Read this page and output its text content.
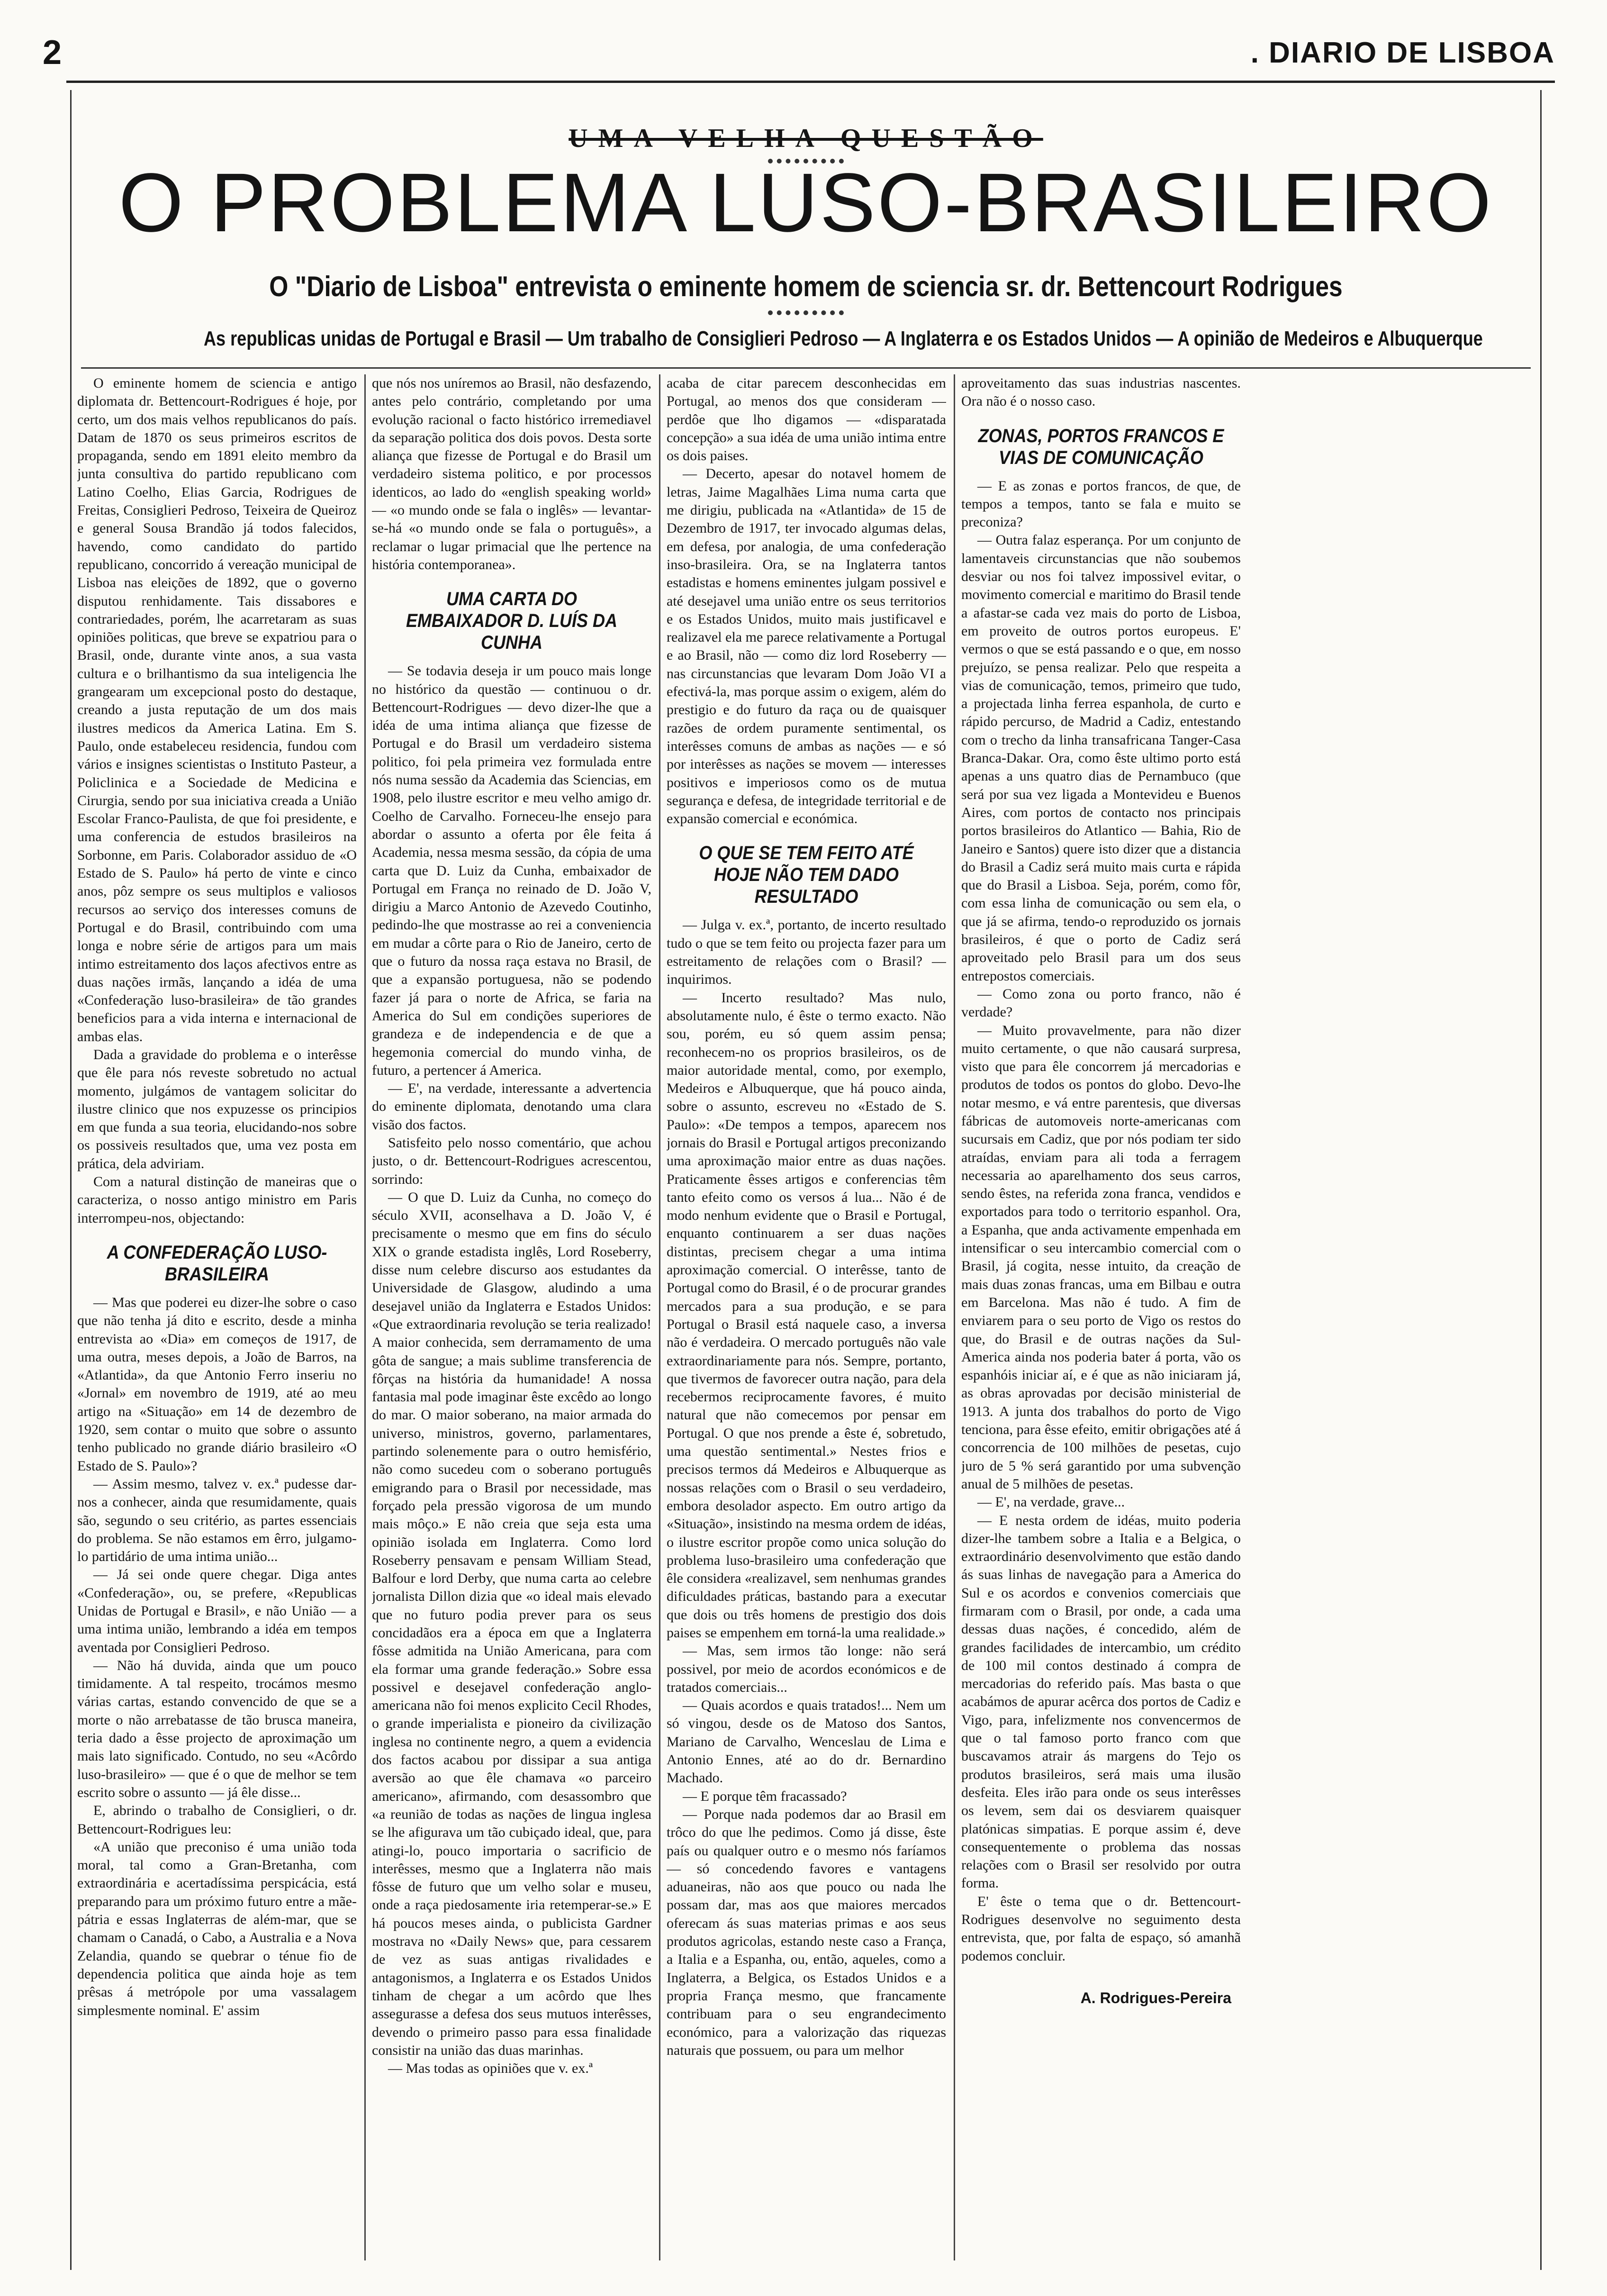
2	. DIARIO DE LISBOA
UMA VELHA QUESTÃO
O PROBLEMA LUSO-BRASILEIRO
O "Diario de Lisboa" entrevista o eminente homem de sciencia sr. dr. Bettencourt Rodrigues
As republicas unidas de Portugal e Brasil — Um trabalho de Consiglieri Pedroso — A Inglaterra e os Estados Unidos — A opinião de Medeiros e Albuquerque

O eminente homem de sciencia e antigo diplomata dr. Bettencourt-Rodrigues é hoje, por certo, um dos mais velhos republicanos do país. Datam de 1870 os seus primeiros escritos de propaganda, sendo em 1891 eleito membro da junta consultiva do partido republicano com Latino Coelho, Elias Garcia, Rodrigues de Freitas, Consiglieri Pedroso, Teixeira de Queiroz e general Sousa Brandão já todos falecidos, havendo, como candidato do partido republicano, concorrido á vereação municipal de Lisboa nas eleições de 1892, que o governo disputou renhidamente. Tais dissabores e contrariedades, porém, lhe acarretaram as suas opiniões politicas, que breve se expatriou para o Brasil, onde, durante vinte anos, a sua vasta cultura e o brilhantismo da sua inteligencia lhe grangearam um excepcional posto do destaque, creando a justa reputação de um dos mais ilustres medicos da America Latina. Em S. Paulo, onde estabeleceu residencia, fundou com vários e insignes scientistas o Instituto Pasteur, a Policlinica e a Sociedade de Medicina e Cirurgia, sendo por sua iniciativa creada a União Escolar Franco-Paulista, de que foi presidente, e uma conferencia de estudos brasileiros na Sorbonne, em Paris. Colaborador assiduo de «O Estado de S. Paulo» há perto de vinte e cinco anos, pôz sempre os seus multiplos e valiosos recursos ao serviço dos interesses comuns de Portugal e do Brasil, contribuindo com uma longa e nobre série de artigos para um mais intimo estreitamento dos laços afectivos entre as duas nações irmãs, lançando a idéa de uma «Confederação luso-brasileira» de tão grandes beneficios para a vida interna e internacional de ambas elas.

Dada a gravidade do problema e o interêsse que êle para nós reveste sobretudo no actual momento, julgámos de vantagem solicitar do ilustre clinico que nos expuzesse os principios em que funda a sua teoria, elucidando-nos sobre os possiveis resultados que, uma vez posta em prática, dela adviriam.

Com a natural distinção de maneiras que o caracteriza, o nosso antigo ministro em Paris interrompeu-nos, objectando:

A CONFEDERAÇÃO LUSO-BRASILEIRA

— Mas que poderei eu dizer-lhe sobre o caso que não tenha já dito e escrito, desde a minha entrevista ao «Dia» em começos de 1917, de uma outra, meses depois, a João de Barros, na «Atlantida», da que Antonio Ferro inseriu no «Jornal» em novembro de 1919, até ao meu artigo na «Situação» em 14 de dezembro de 1920, sem contar o muito que sobre o assunto tenho publicado no grande diário brasileiro «O Estado de S. Paulo»?

— Assim mesmo, talvez v. ex.ª pudesse dar-nos a conhecer, ainda que resumidamente, quais são, segundo o seu critério, as partes essenciais do problema. Se não estamos em êrro, julgamo-lo partidário de uma intima união...

— Já sei onde quere chegar. Diga antes «Confederação», ou, se prefere, «Republicas Unidas de Portugal e Brasil», e não União — a uma intima união, lembrando a idéa em tempos aventada por Consiglieri Pedroso.

— Não há duvida, ainda que um pouco timidamente. A tal respeito, trocámos mesmo várias cartas, estando convencido de que se a morte o não arrebatasse de tão brusca maneira, teria dado a êsse projecto de aproximação um mais lato significado. Contudo, no seu «Acôrdo luso-brasileiro» — que é o que de melhor se tem escrito sobre o assunto — já êle disse...

E, abrindo o trabalho de Consiglieri, o dr. Bettencourt-Rodrigues leu:

«A união que preconiso é uma união toda moral, tal como a Gran-Bretanha, com extraordinária e acertadíssima perspicácia, está preparando para um próximo futuro entre a mãe-pátria e essas Inglaterras de além-mar, que se chamam o Canadá, o Cabo, a Australia e a Nova Zelandia, quando se quebrar o ténue fio de dependencia politica que ainda hoje as tem prêsas á metrópole por uma vassalagem simplesmente nominal. E' assim

que nós nos uníremos ao Brasil, não desfazendo, antes pelo contrário, completando por uma evolução racional o facto histórico irremediavel da separação politica dos dois povos. Desta sorte aliança que fizesse de Portugal e do Brasil um verdadeiro sistema politico, e por processos identicos, ao lado do «english speaking world» — «o mundo onde se fala o inglês» — levantar-se-há «o mundo onde se fala o português», a reclamar o lugar primacial que lhe pertence na história contemporanea».

UMA CARTA DO EMBAIXADOR D. LUÍS DA CUNHA

— Se todavia deseja ir um pouco mais longe no histórico da questão — continuou o dr. Bettencourt-Rodrigues — devo dizer-lhe que a idéa de uma intima aliança que fizesse de Portugal e do Brasil um verdadeiro sistema politico, foi pela primeira vez formulada entre nós numa sessão da Academia das Sciencias, em 1908, pelo ilustre escritor e meu velho amigo dr. Coelho de Carvalho. Forneceu-lhe ensejo para abordar o assunto a oferta por êle feita á Academia, nessa mesma sessão, da cópia de uma carta que D. Luiz da Cunha, embaixador de Portugal em França no reinado de D. João V, dirigiu a Marco Antonio de Azevedo Coutinho, pedindo-lhe que mostrasse ao rei a conveniencia em mudar a côrte para o Rio de Janeiro, certo de que o futuro da nossa raça estava no Brasil, de que a expansão portuguesa, não se podendo fazer já para o norte de Africa, se faria na America do Sul em condições superiores de grandeza e de independencia e de que a hegemonia comercial do mundo vinha, de futuro, a pertencer á America.

— E', na verdade, interessante a advertencia do eminente diplomata, denotando uma clara visão dos factos.

Satisfeito pelo nosso comentário, que achou justo, o dr. Bettencourt-Rodrigues acrescentou, sorrindo:

— O que D. Luiz da Cunha, no começo do século XVII, aconselhava a D. João V, é precisamente o mesmo que em fins do século XIX o grande estadista inglês, Lord Roseberry, disse num celebre discurso aos estudantes da Universidade de Glasgow, aludindo a uma desejavel união da Inglaterra e Estados Unidos: «Que extraordinaria revolução se teria realizado! A maior conhecida, sem derramamento de uma gôta de sangue; a mais sublime transferencia de fôrças na história da humanidade! A nossa fantasia mal pode imaginar êste excêdo ao longo do mar. O maior soberano, na maior armada do universo, ministros, governo, parlamentares, partindo solenemente para o outro hemisfério, não como sucedeu com o soberano português emigrando para o Brasil por necessidade, mas forçado pela pressão vigorosa de um mundo mais môço.» E não creia que seja esta uma opinião isolada em Inglaterra. Como lord Roseberry pensavam e pensam William Stead, Balfour e lord Derby, que numa carta ao celebre jornalista Dillon dizia que «o ideal mais elevado que no futuro podia prever para os seus concidadãos era a época em que a Inglaterra fôsse admitida na União Americana, para com ela formar uma grande federação.» Sobre essa possivel e desejavel confederação anglo-americana não foi menos explicito Cecil Rhodes, o grande imperialista e pioneiro da civilização inglesa no continente negro, a quem a evidencia dos factos acabou por dissipar a sua antiga aversão ao que êle chamava «o parceiro americano», afirmando, com desassombro que «a reunião de todas as nações de lingua inglesa se lhe afigurava um tão cubiçado ideal, que, para atingi-lo, pouco importaria o sacrificio de interêsses, mesmo que a Inglaterra não mais fôsse de futuro que um velho solar e museu, onde a raça piedosamente iria retemperar-se.» E há poucos meses ainda, o publicista Gardner mostrava no «Daily News» que, para cessarem de vez as suas antigas rivalidades e antagonismos, a Inglaterra e os Estados Unidos tinham de chegar a um acôrdo que lhes assegurasse a defesa dos seus mutuos interêsses, devendo o primeiro passo para essa finalidade consistir na união das duas marinhas.

— Mas todas as opiniões que v. ex.ª

acaba de citar parecem desconhecidas em Portugal, ao menos dos que consideram — perdôe que lho digamos — «disparatada concepção» a sua idéa de uma união intima entre os dois paises.

— Decerto, apesar do notavel homem de letras, Jaime Magalhães Lima numa carta que me dirigiu, publicada na «Atlantida» de 15 de Dezembro de 1917, ter invocado algumas delas, em defesa, por analogia, de uma confederação inso-brasileira. Ora, se na Inglaterra tantos estadistas e homens eminentes julgam possivel e até desejavel uma união entre os seus territorios e os Estados Unidos, muito mais justificavel e realizavel ela me parece relativamente a Portugal e ao Brasil, não — como diz lord Roseberry — nas circunstancias que levaram Dom João VI a efectivá-la, mas porque assim o exigem, além do prestigio e do futuro da raça ou de quaisquer razões de ordem puramente sentimental, os interêsses comuns de ambas as nações — e só por interêsses as nações se movem — interesses positivos e imperiosos como os de mutua segurança e defesa, de integridade territorial e de expansão comercial e económica.

O QUE SE TEM FEITO ATÉ HOJE NÃO TEM DADO RESULTADO

— Julga v. ex.ª, portanto, de incerto resultado tudo o que se tem feito ou projecta fazer para um estreitamento de relações com o Brasil? — inquirimos.

— Incerto resultado? Mas nulo, absolutamente nulo, é êste o termo exacto. Não sou, porém, eu só quem assim pensa; reconhecem-no os proprios brasileiros, os de maior autoridade mental, como, por exemplo, Medeiros e Albuquerque, que há pouco ainda, sobre o assunto, escreveu no «Estado de S. Paulo»: «De tempos a tempos, aparecem nos jornais do Brasil e Portugal artigos preconizando uma aproximação maior entre as duas nações. Praticamente êsses artigos e conferencias têm tanto efeito como os versos á lua... Não é de modo nenhum evidente que o Brasil e Portugal, enquanto continuarem a ser duas nações distintas, precisem chegar a uma intima aproximação comercial. O interêsse, tanto de Portugal como do Brasil, é o de procurar grandes mercados para a sua produção, e se para Portugal o Brasil está naquele caso, a inversa não é verdadeira. O mercado português não vale extraordinariamente para nós. Sempre, portanto, que tivermos de favorecer outra nação, para dela recebermos reciprocamente favores, é muito natural que não comecemos por pensar em Portugal. O que nos prende a êste é, sobretudo, uma questão sentimental.» Nestes frios e precisos termos dá Medeiros e Albuquerque as nossas relações com o Brasil o seu verdadeiro, embora desolador aspecto. Em outro artigo da «Situação», insistindo na mesma ordem de idéas, o ilustre escritor propõe como unica solução do problema luso-brasileiro uma confederação que êle considera «realizavel, sem nenhumas grandes dificuldades práticas, bastando para a executar que dois ou três homens de prestigio dos dois paises se empenhem em torná-la uma realidade.»

— Mas, sem irmos tão longe: não será possivel, por meio de acordos económicos e de tratados comerciais...

— Quais acordos e quais tratados!... Nem um só vingou, desde os de Matoso dos Santos, Mariano de Carvalho, Wenceslau de Lima e Antonio Ennes, até ao do dr. Bernardino Machado.

— E porque têm fracassado?

— Porque nada podemos dar ao Brasil em trôco do que lhe pedimos. Como já disse, êste país ou qualquer outro e o mesmo nós faríamos — só concedendo favores e vantagens aduaneiras, não aos que pouco ou nada lhe possam dar, mas aos que maiores mercados oferecam ás suas materias primas e aos seus produtos agricolas, estando neste caso a França, a Italia e a Espanha, ou, então, aqueles, como a Inglaterra, a Belgica, os Estados Unidos e a propria França mesmo, que francamente contribuam para o seu engrandecimento económico, para a valorização das riquezas naturais que possuem, ou para um melhor

aproveitamento das suas industrias nascentes. Ora não é o nosso caso.

ZONAS, PORTOS FRANCOS E VIAS DE COMUNICAÇÃO

— E as zonas e portos francos, de que, de tempos a tempos, tanto se fala e muito se preconiza?

— Outra falaz esperança. Por um conjunto de lamentaveis circunstancias que não soubemos desviar ou nos foi talvez impossivel evitar, o movimento comercial e maritimo do Brasil tende a afastar-se cada vez mais do porto de Lisboa, em proveito de outros portos europeus. E' vermos o que se está passando e o que, em nosso prejuízo, se pensa realizar. Pelo que respeita a vias de comunicação, temos, primeiro que tudo, a projectada linha ferrea espanhola, de curto e rápido percurso, de Madrid a Cadiz, entestando com o trecho da linha transafricana Tanger-Casa Branca-Dakar. Ora, como êste ultimo porto está apenas a uns quatro dias de Pernambuco (que será por sua vez ligada a Montevideu e Buenos Aires, com portos de contacto nos principais portos brasileiros do Atlantico — Bahia, Rio de Janeiro e Santos) quere isto dizer que a distancia do Brasil a Cadiz será muito mais curta e rápida que do Brasil a Lisboa. Seja, porém, como fôr, com essa linha de comunicação ou sem ela, o que já se afirma, tendo-o reproduzido os jornais brasileiros, é que o porto de Cadiz será aproveitado pelo Brasil para um dos seus entrepostos comerciais.

— Como zona ou porto franco, não é verdade?

— Muito provavelmente, para não dizer muito certamente, o que não causará surpresa, visto que para êle concorrem já mercadorias e produtos de todos os pontos do globo. Devo-lhe notar mesmo, e vá entre parentesis, que diversas fábricas de automoveis norte-americanas com sucursais em Cadiz, que por nós podiam ter sido atraídas, enviam para ali toda a ferragem necessaria ao aparelhamento dos seus carros, sendo êstes, na referida zona franca, vendidos e exportados para todo o territorio espanhol. Ora, a Espanha, que anda activamente empenhada em intensificar o seu intercambio comercial com o Brasil, já cogita, nesse intuito, da creação de mais duas zonas francas, uma em Bilbau e outra em Barcelona. Mas não é tudo. A fim de enviarem para o seu porto de Vigo os restos do que, do Brasil e de outras nações da Sul-America ainda nos poderia bater á porta, vão os espanhóis iniciar aí, e é que as não iniciaram já, as obras aprovadas por decisão ministerial de 1913. A junta dos trabalhos do porto de Vigo tenciona, para êsse efeito, emitir obrigações até á concorrencia de 100 milhões de pesetas, cujo juro de 5 % será garantido por uma subvenção anual de 5 milhões de pesetas.

— E', na verdade, grave...

— E nesta ordem de idéas, muito poderia dizer-lhe tambem sobre a Italia e a Belgica, o extraordinário desenvolvimento que estão dando ás suas linhas de navegação para a America do Sul e os acordos e convenios comerciais que firmaram com o Brasil, por onde, a cada uma dessas duas nações, é concedido, além de grandes facilidades de intercambio, um crédito de 100 mil contos destinado á compra de mercadorias do referido país. Mas basta o que acabámos de apurar acêrca dos portos de Cadiz e Vigo, para, infelizmente nos convencermos de que o tal famoso porto franco com que buscavamos atrair ás margens do Tejo os produtos brasileiros, será mais uma ilusão desfeita. Eles irão para onde os seus interêsses os levem, sem dai os desviarem quaisquer platónicas simpatias. E porque assim é, deve consequentemente o problema das nossas relações com o Brasil ser resolvido por outra forma.

E' êste o tema que o dr. Bettencourt-Rodrigues desenvolve no seguimento desta entrevista, que, por falta de espaço, só amanhã podemos concluir.

A. Rodrigues-Pereira
